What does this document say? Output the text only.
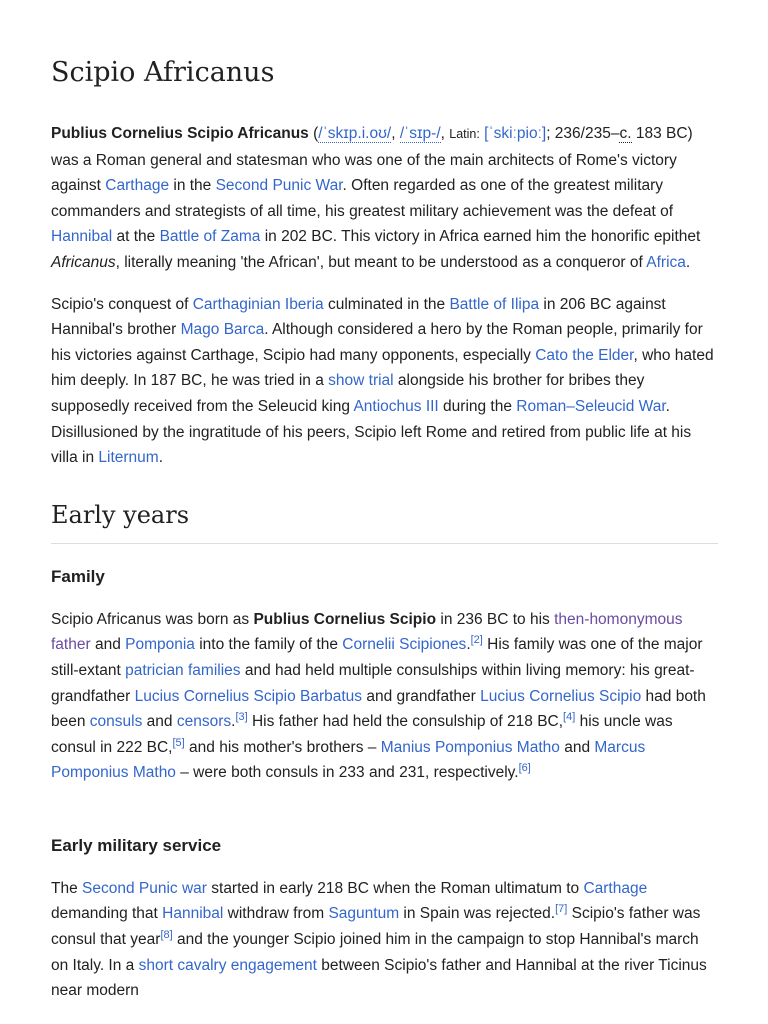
Scipio Africanus

Publius Cornelius Scipio Africanus (/ˈskɪp.i.oʊ/, /ˈsɪp-/, Latin: [ˈskiːpioː]; 236/235–c. 183 BC) was a Roman general and statesman who was one of the main architects of Rome's victory against Carthage in the Second Punic War. Often regarded as one of the greatest military commanders and strategists of all time, his greatest military achievement was the defeat of Hannibal at the Battle of Zama in 202 BC. This victory in Africa earned him the honorific epithet Africanus, literally meaning 'the African', but meant to be understood as a conqueror of Africa.

Scipio's conquest of Carthaginian Iberia culminated in the Battle of Ilipa in 206 BC against Hannibal's brother Mago Barca. Although considered a hero by the Roman people, primarily for his victories against Carthage, Scipio had many opponents, especially Cato the Elder, who hated him deeply. In 187 BC, he was tried in a show trial alongside his brother for bribes they supposedly received from the Seleucid king Antiochus III during the Roman–Seleucid War. Disillusioned by the ingratitude of his peers, Scipio left Rome and retired from public life at his villa in Liternum.

Early years
Family

Scipio Africanus was born as Publius Cornelius Scipio in 236 BC to his then-homonymous father and Pomponia into the family of the Cornelii Scipiones.[2] His family was one of the major still-extant patrician families and had held multiple consulships within living memory: his great-grandfather Lucius Cornelius Scipio Barbatus and grandfather Lucius Cornelius Scipio had both been consuls and censors.[3] His father had held the consulship of 218 BC,[4] his uncle was consul in 222 BC,[5] and his mother's brothers – Manius Pomponius Matho and Marcus Pomponius Matho – were both consuls in 233 and 231, respectively.[6]

Early military service

The Second Punic war started in early 218 BC when the Roman ultimatum to Carthage demanding that Hannibal withdraw from Saguntum in Spain was rejected.[7] Scipio's father was consul that year[8] and the younger Scipio joined him in the campaign to stop Hannibal's march on Italy. In a short cavalry engagement between Scipio's father and Hannibal at the river Ticinus near modern
